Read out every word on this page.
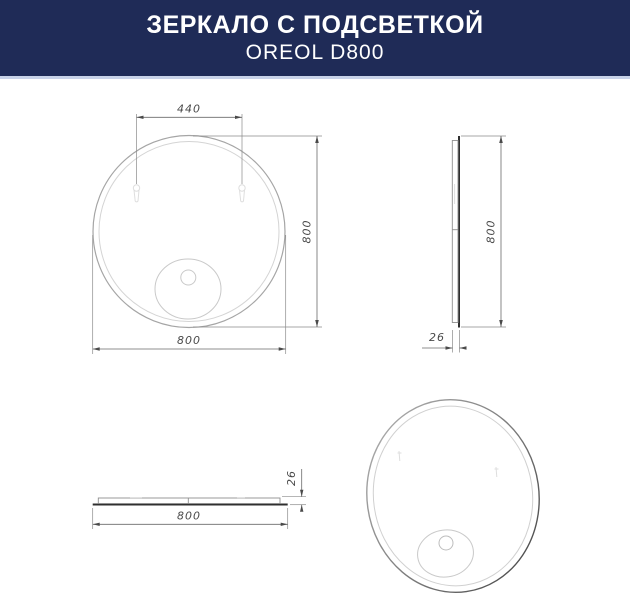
ЗЕРКАЛО С ПОДСВЕТКОЙ
OREOL D800
440
800
800
800
26
800
26
